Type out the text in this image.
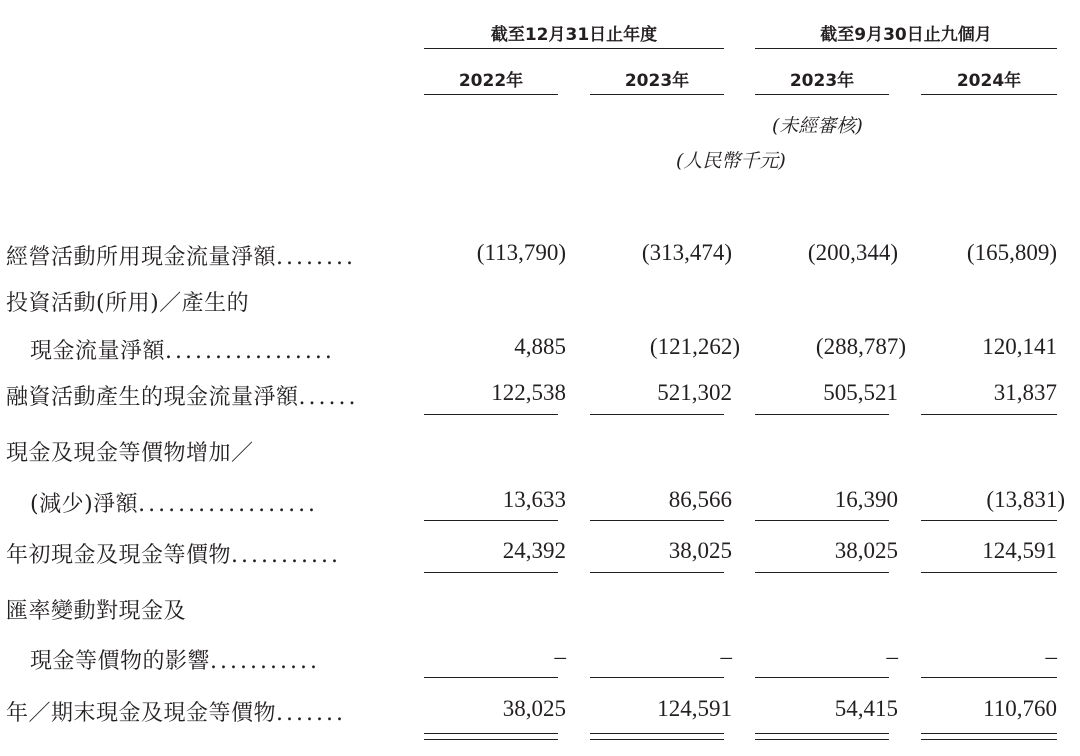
截至12月31日止年度	截至9月30日止九個月
2022年	2023年	2023年	2024年
(未經審核)
(人民幣千元)
經營活動所用現金流量淨額........	(113,790)	(313,474)	(200,344)	(165,809)
投資活動(所用)／產生的
現金流量淨額.................	4,885	(121,262)	(288,787)	120,141
融資活動產生的現金流量淨額......	122,538	521,302	505,521	31,837
現金及現金等價物增加／
(減少)淨額..................	13,633	86,566	16,390	(13,831)
年初現金及現金等價物...........	24,392	38,025	38,025	124,591
匯率變動對現金及
現金等價物的影響...........	–	–	–	–
年／期末現金及現金等價物.......	38,025	124,591	54,415	110,760
